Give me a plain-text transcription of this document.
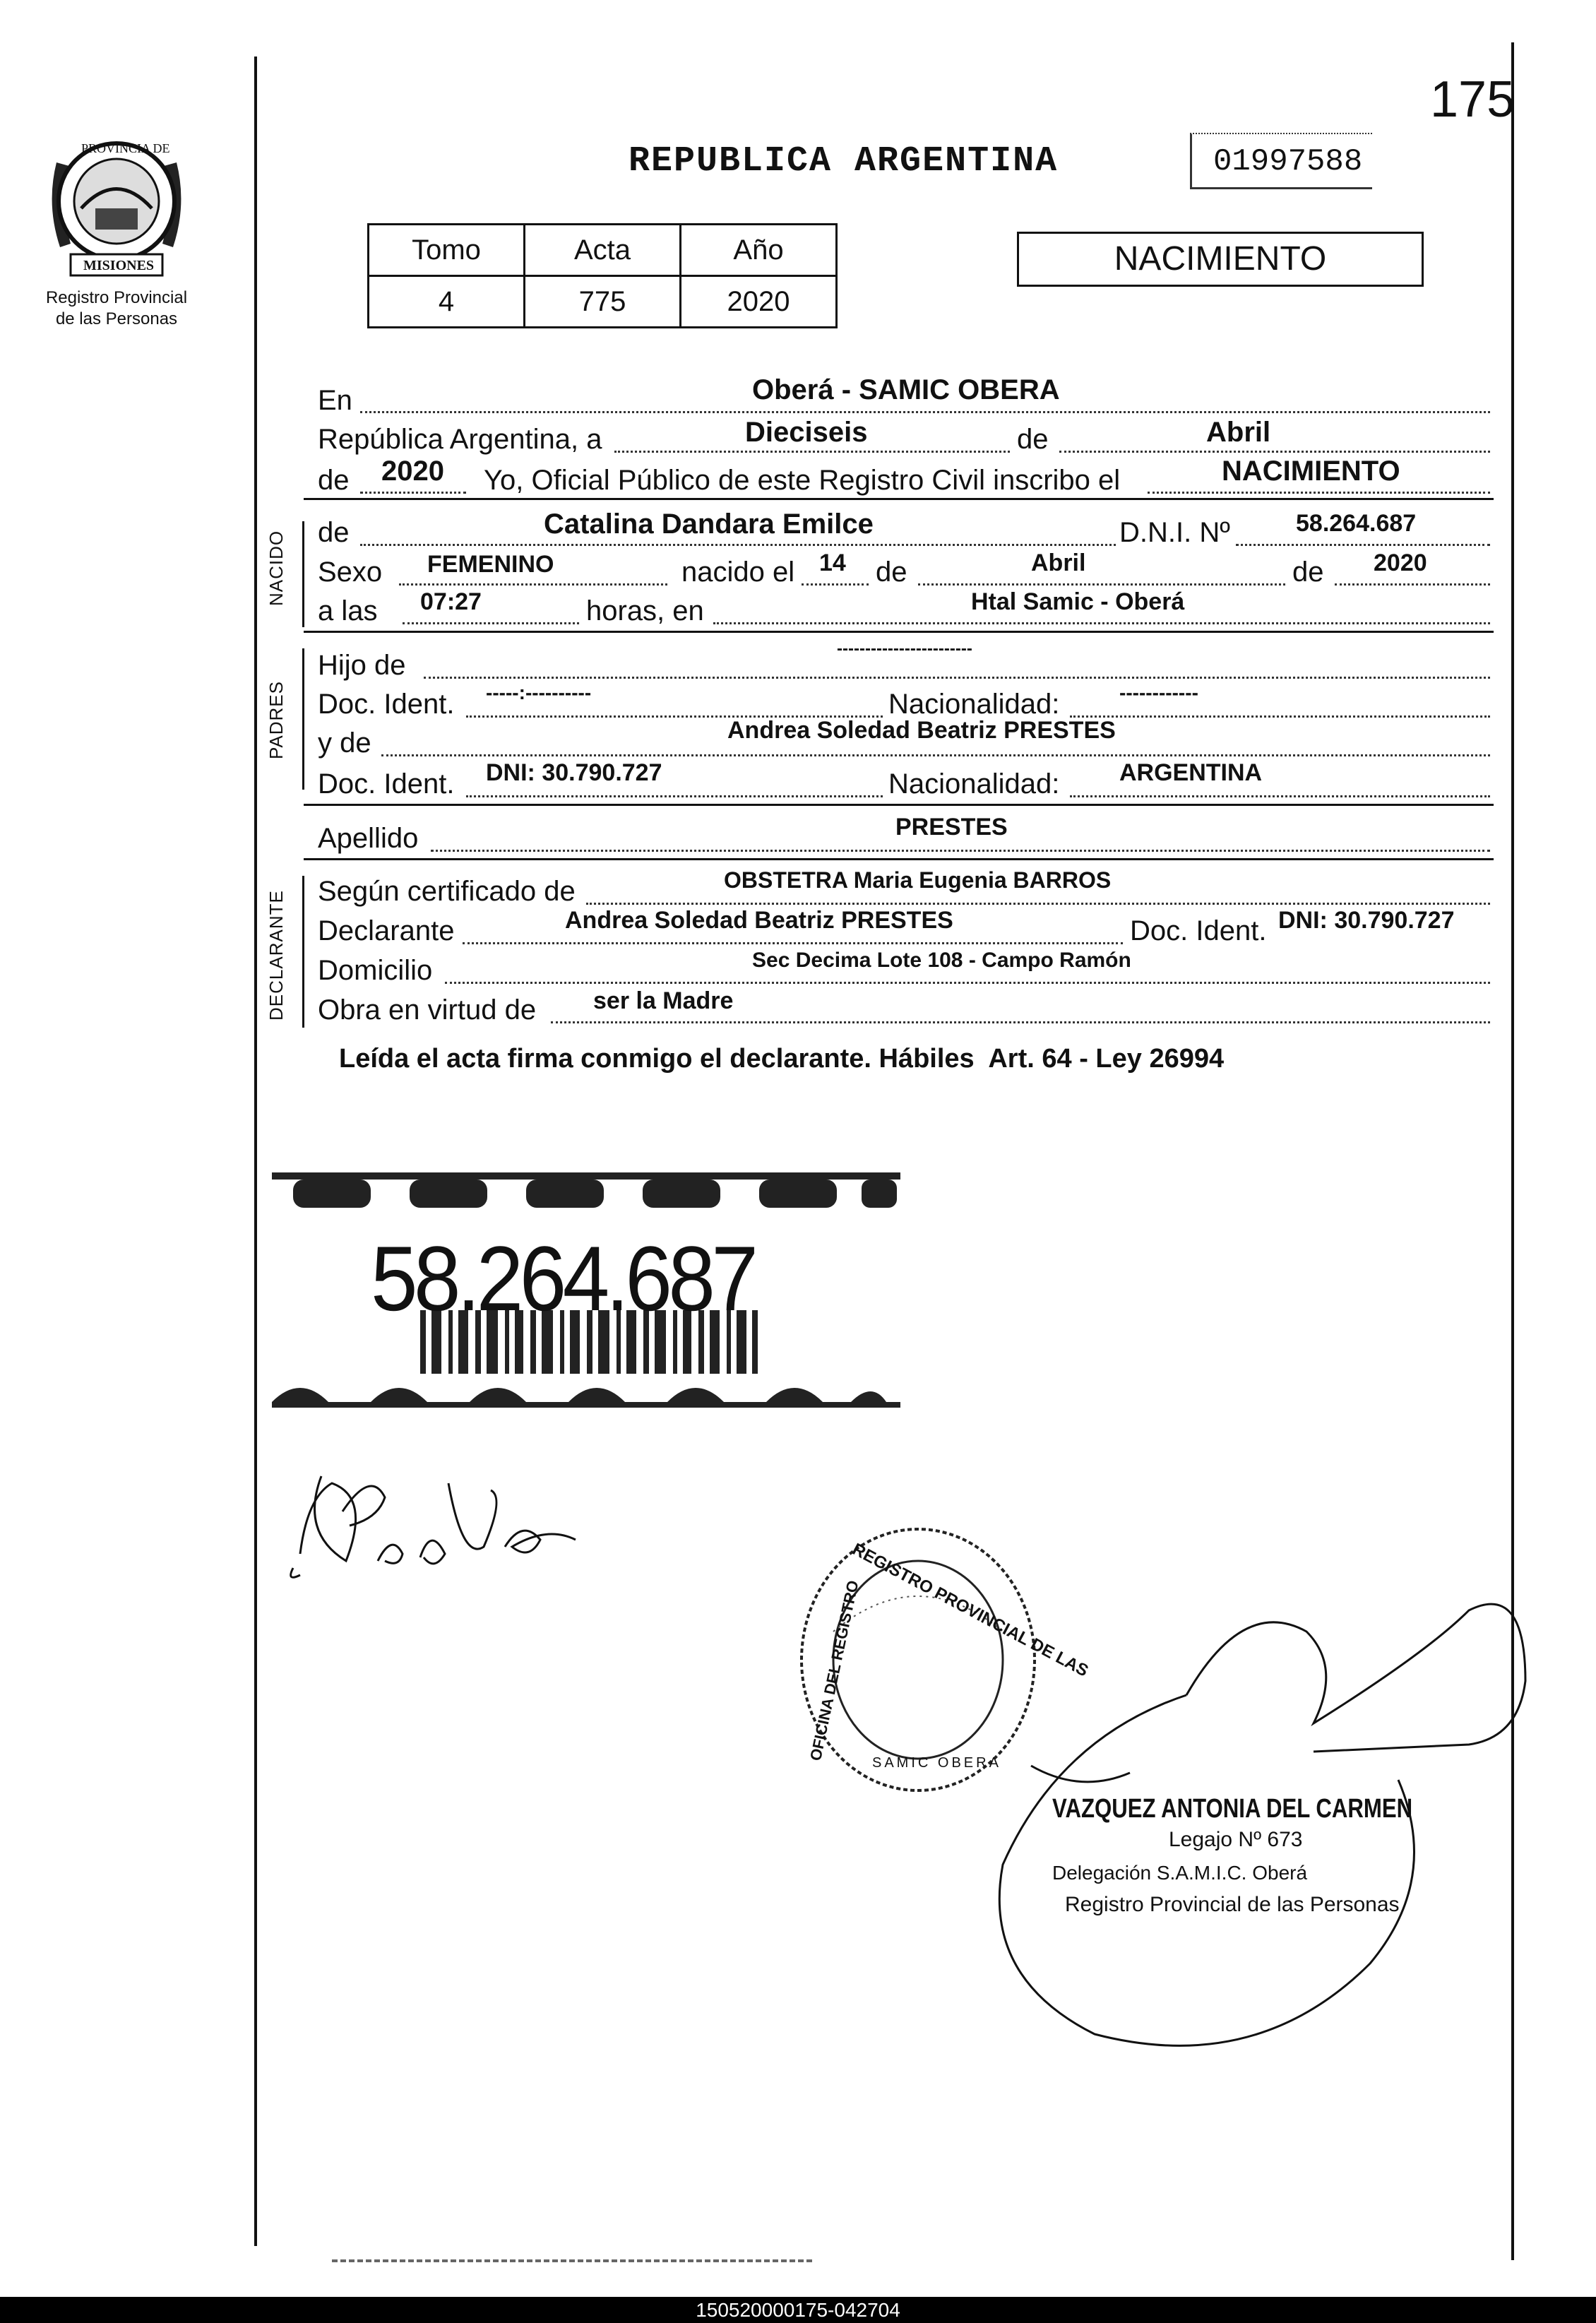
175
PROVINCIA DE
MISIONES
Registro Provincial
de las Personas
REPUBLICA ARGENTINA	01997588
Tomo	Acta	Año
4	775	2020
NACIMIENTO
En	Oberá - SAMIC OBERA
República Argentina, a	Dieciseis	de	Abril
de 2020 Yo, Oficial Público de este Registro Civil inscribo el	NACIMIENTO
NACIDO de	Catalina Dandara Emilce	D.N.I. Nº	58.264.687
Sexo FEMENINO	nacido el 14 de	Abril	de 2020
a las 07:27	horas, en	Htal Samic - Oberá
PADRES
Hijo de
------------------------
Doc. Ident. -----:----------	Nacionalidad:	------------
y de	Andrea Soledad Beatriz PRESTES
Doc. Ident. DNI: 30.790.727	Nacionalidad: ARGENTINA
Apellido	PRESTES
DECLARANTE Según certificado de	OBSTETRA Maria Eugenia BARROS
Declarante	Andrea Soledad Beatriz PRESTES	Doc. Ident. DNI: 30.790.727
Domicilio	Sec Decima Lote 108 - Campo Ramón
Obra en virtud de ser la Madre
Leída el acta firma conmigo el declarante. Hábiles  Art. 64 - Ley 26994
58.264.687
REGISTRO PROVINCIAL DE LAS
OFICINA DEL REGISTRO
SAMIC OBERA
VAZQUEZ ANTONIA DEL CARMEN
Legajo Nº 673
Delegación S.A.M.I.C. Oberá
Registro Provincial de las Personas
150520000175-042704
